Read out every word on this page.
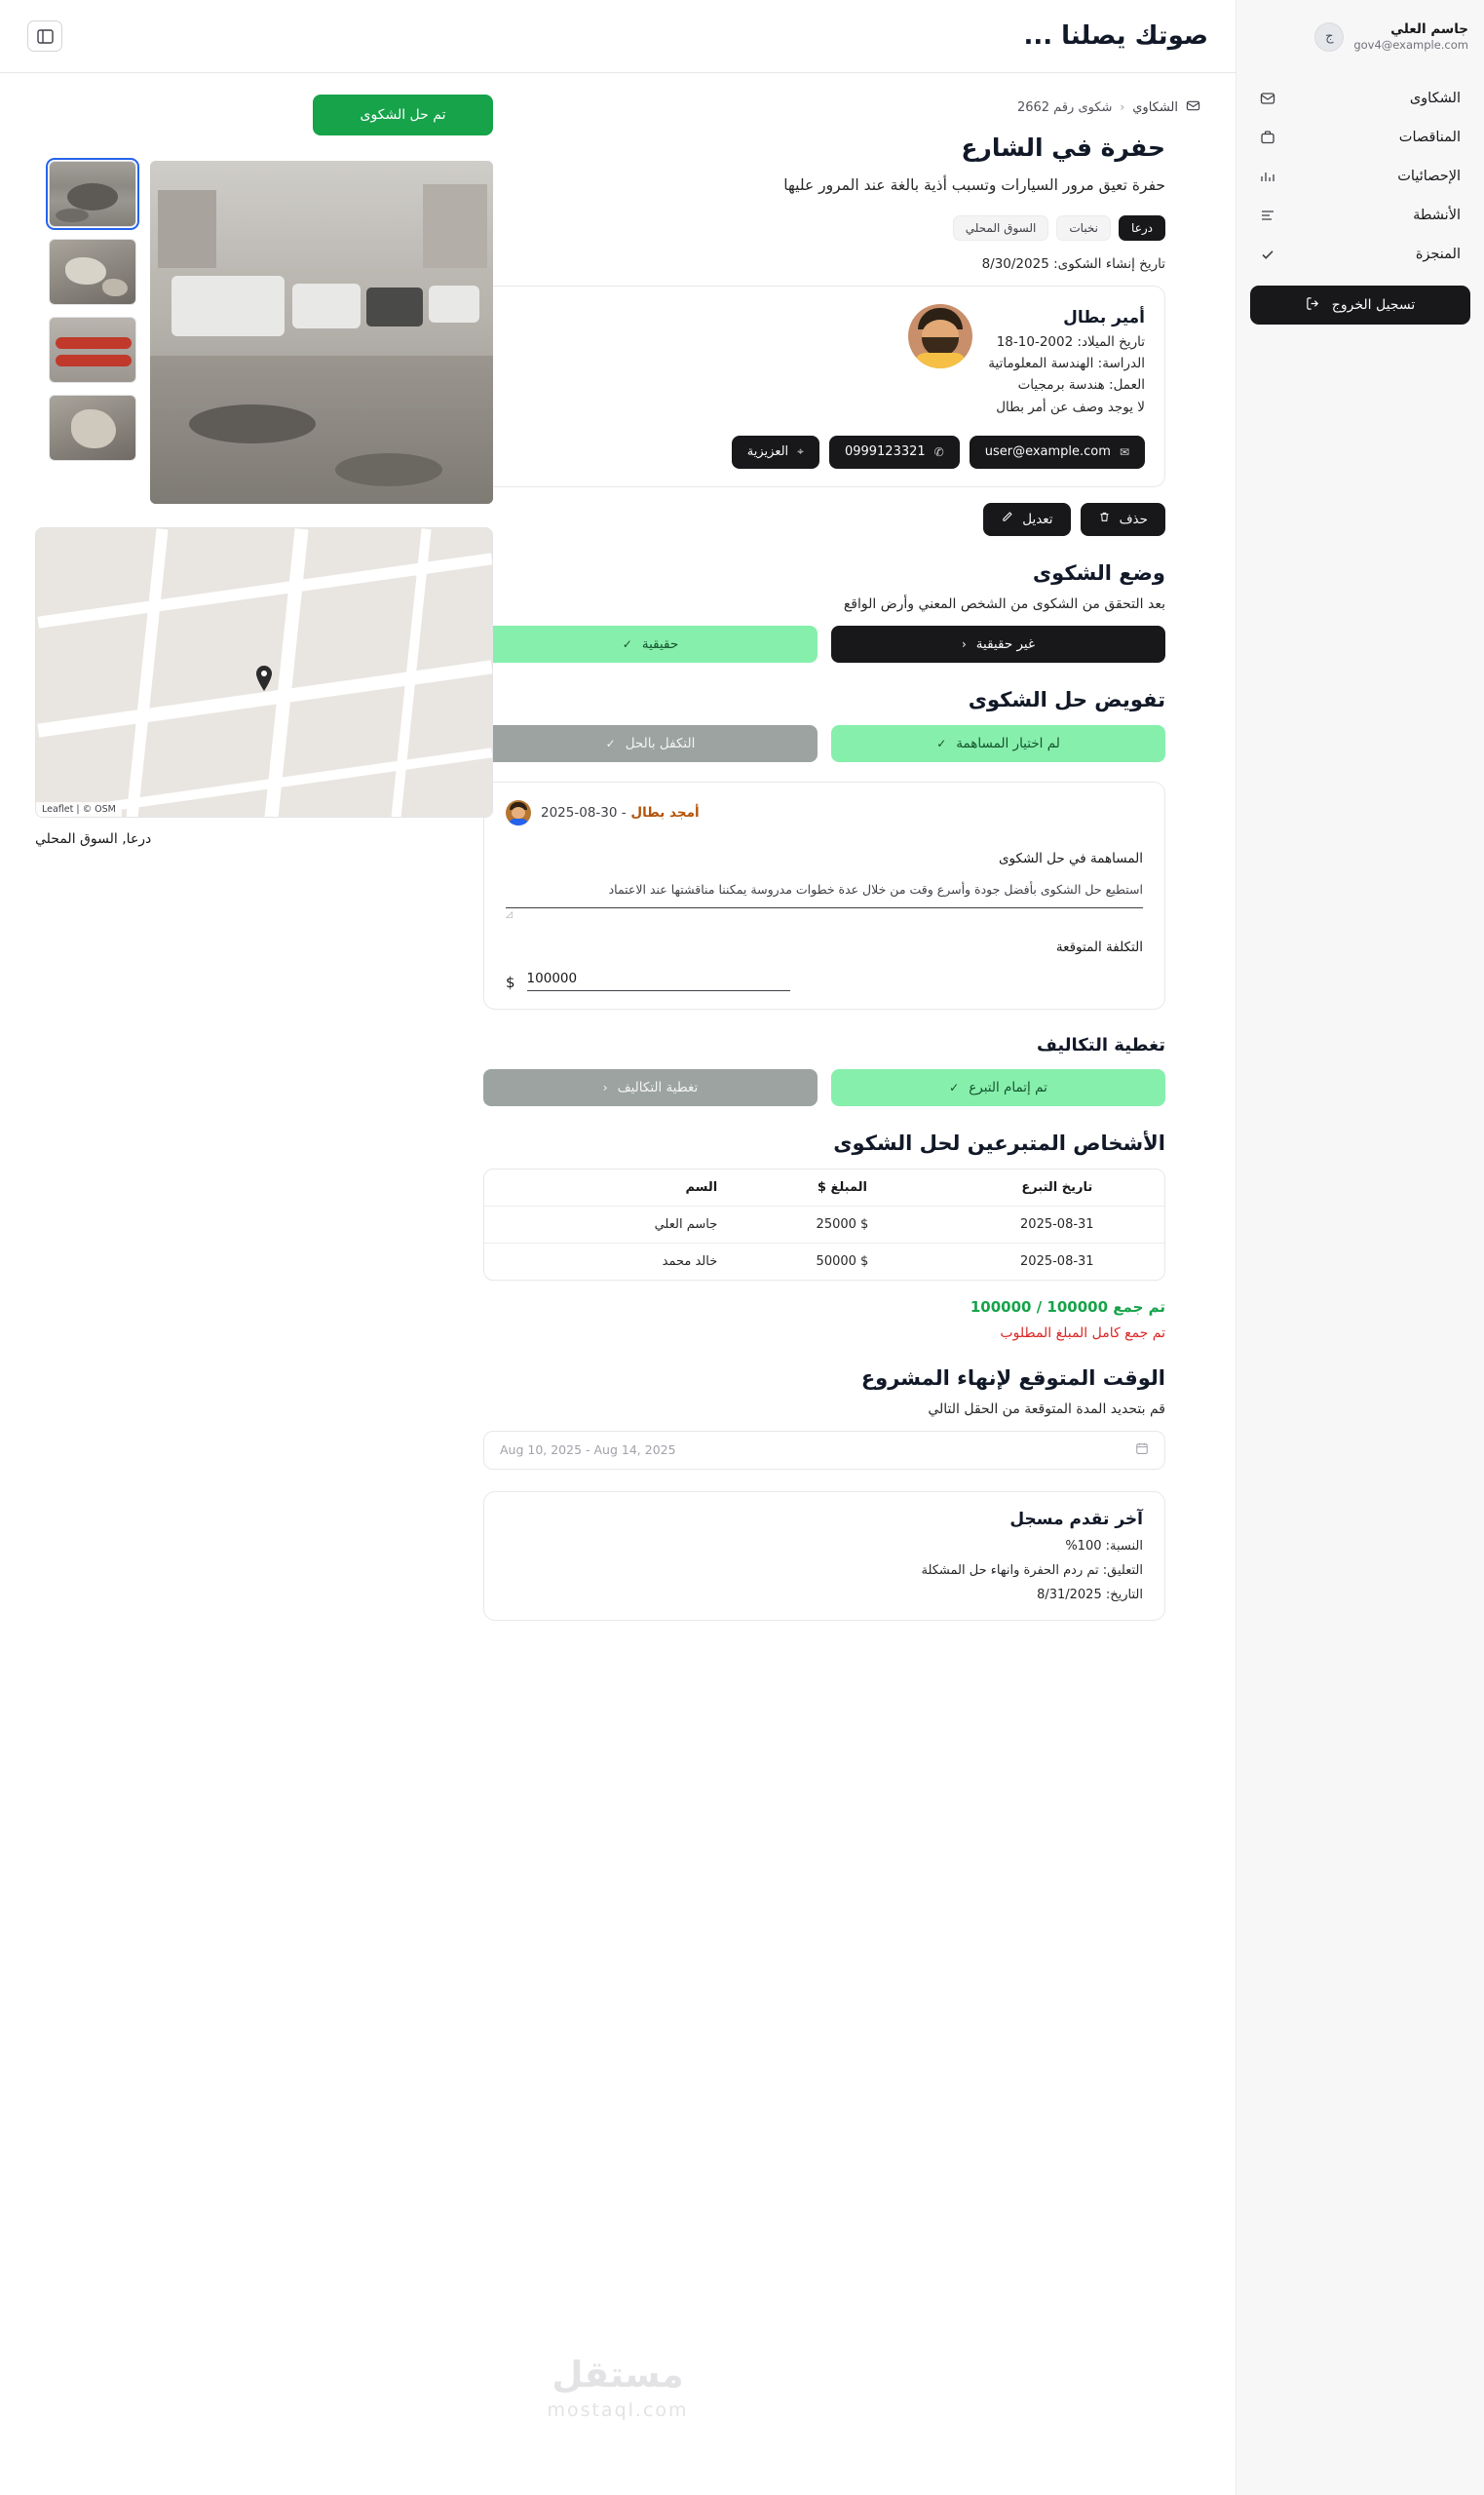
صوتك يصلنا ...	جاسم العلي
gov4@example.com
ج
الشكاوى
المناقصات
الإحصائيات
الأنشطة
المنجزة
تسجيل الخروج
الشكاوي
‹
شكوى رقم 2662
حفرة في الشارع
حفرة تعيق مرور السيارات وتسبب أذية بالغة عند المرور عليها
درعا
نخبات
السوق المحلي
تاريخ إنشاء الشكوى: 8/30/2025
أمير بطال
تاريخ الميلاد: 2002-10-18
الدراسة: الهندسة المعلوماتية
العمل: هندسة برمجيات
لا يوجد وصف عن أمر بطال
✉
user@example.com
✆
0999123321
⌖
العزيزية
حذف
تعديل
وضع الشكوى
بعد التحقق من الشكوى من الشخص المعني وأرض الواقع
غير حقيقية
‹
حقيقية
✓
تفويض حل الشكوى
لم اختيار المساهمة
✓
التكفل بالحل
✓
أمجد بطال - 30-08-2025
المساهمة في حل الشكوى
استطيع حل الشكوى بأفضل جودة وأسرع وقت من خلال عدة خطوات مدروسة يمكننا مناقشتها عند الاعتماد
◿
التكلفة المتوقعة
$ 100000
تغطية التكاليف
تم إتمام التبرع
✓
تغطية التكاليف
‹
الأشخاص المتبرعين لحل الشكوى
تاريخ التبرع
المبلغ $
السم
2025-08-31
$ 25000
جاسم العلي
2025-08-31
$ 50000
خالد محمد
تم جمع 100000 / 100000
تم جمع كامل المبلغ المطلوب
الوقت المتوقع لإنهاء المشروع
قم بتحديد المدة المتوقعة من الحقل التالي
Aug 10, 2025 - Aug 14, 2025
آخر تقدم مسجل
النسبة: 100%
التعليق: تم ردم الحفرة وانهاء حل المشكلة
التاريخ: 8/31/2025
تم حل الشكوى
Leaflet | © OSM
درعا, السوق المحلي
مستقل
mostaql.com
